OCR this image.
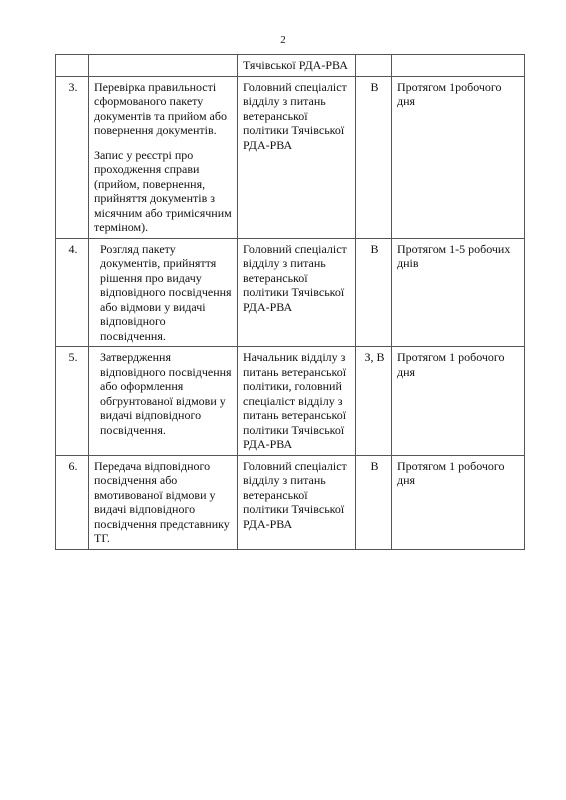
2
		Тячівської РДА-РВА		
3.	Перевірка правильності сформованого пакету документів та прийом або повернення документів.
Запис у реєстрі про проходження справи (прийом, повернення, прийняття документів з місячним або тримісячним терміном).	Головний спеціаліст відділу з питань ветеранської політики Тячівської РДА-РВА	В	Протягом 1робочого дня
4.	Розгляд пакету документів, прийняття рішення про видачу відповідного посвідчення або відмови у видачі відповідного посвідчення.	Головний спеціаліст відділу з питань ветеранської політики Тячівської РДА-РВА	В	Протягом 1-5 робочих днів
5.	Затвердження відповідного посвідчення або оформлення обгрунтованої відмови у видачі відповідного посвідчення.	Начальник відділу з питань ветеранської політики, головний спеціаліст відділу з питань ветеранської політики Тячівської РДА-РВА	З, В	Протягом 1 робочого дня
6.	Передача відповідного посвідчення або вмотивованої відмови у видачі відповідного посвідчення представнику ТГ.	Головний спеціаліст відділу з питань ветеранської політики Тячівської РДА-РВА	В	Протягом 1 робочого дня
